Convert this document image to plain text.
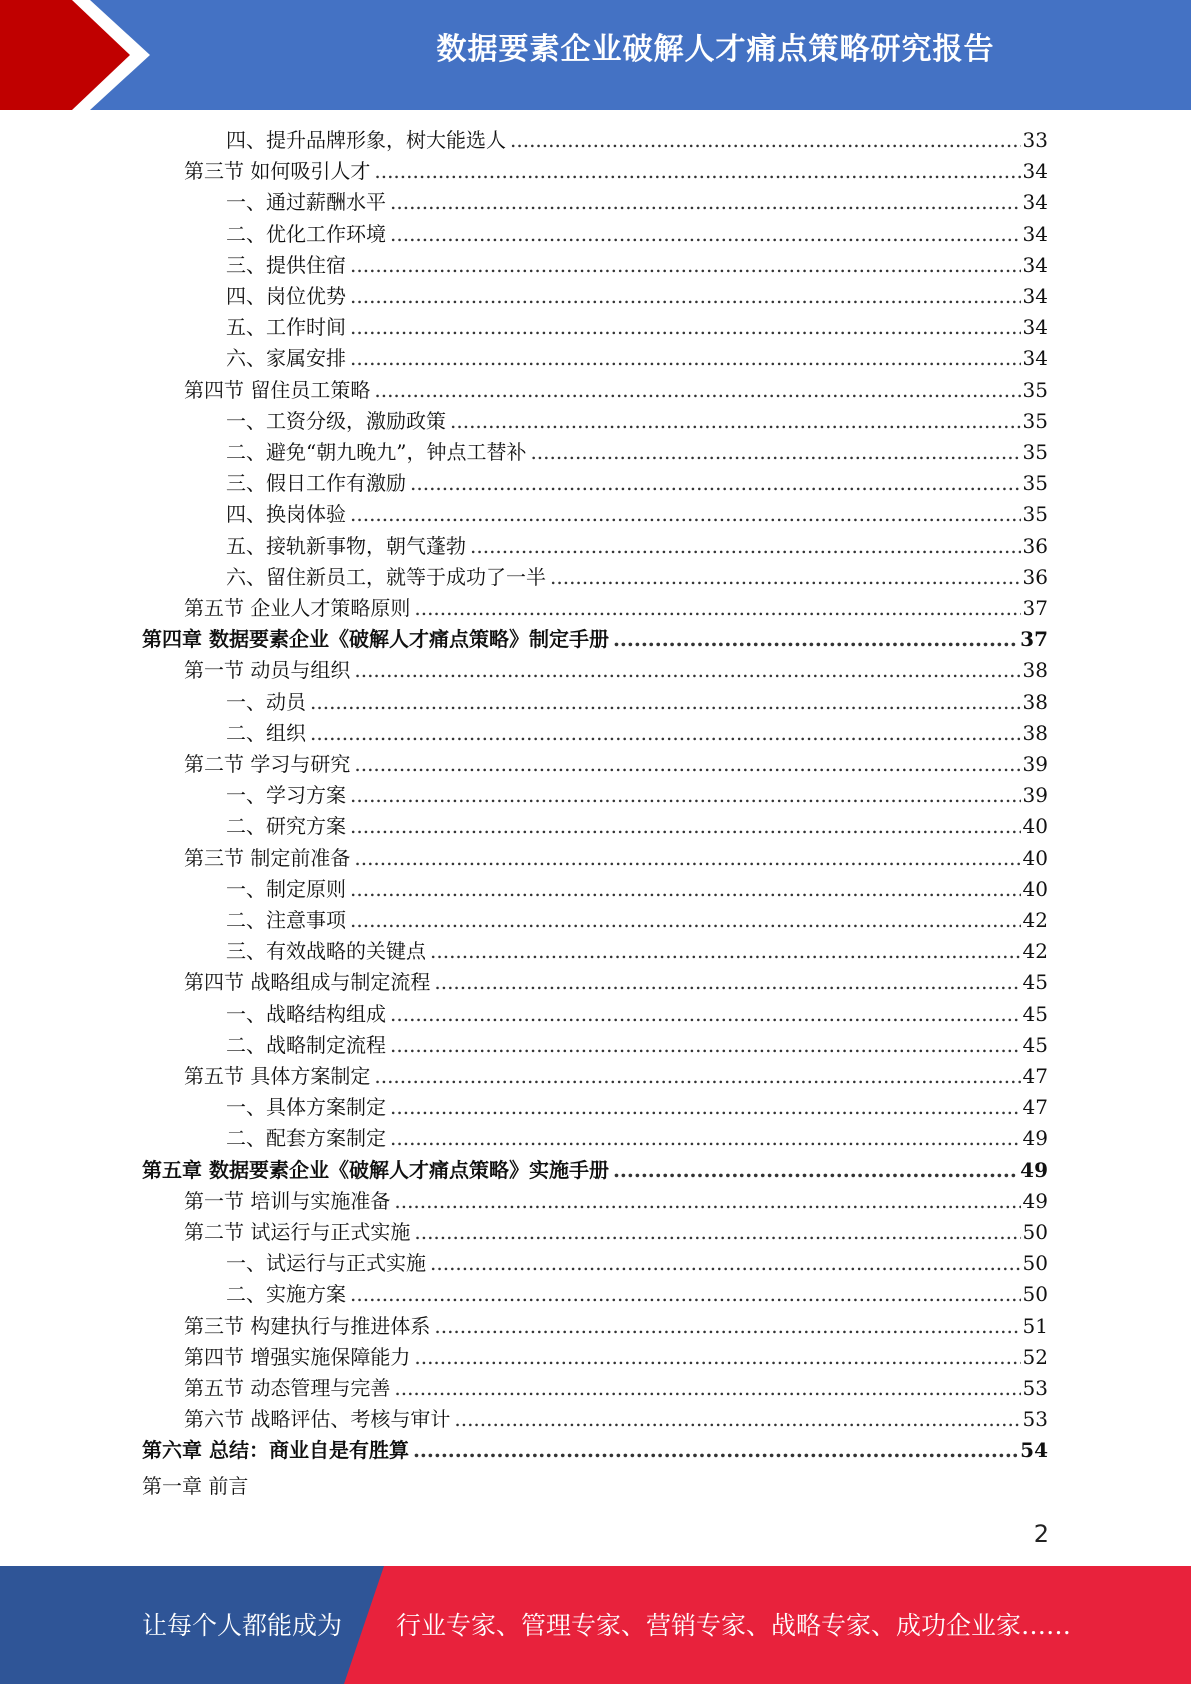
数据要素企业破解人才痛点策略研究报告
四、提升品牌形象，树大能选人 .....	33
第三节 如何吸引人才 .....	34
一、通过薪酬水平 .....	34
二、优化工作环境 .....	34
三、提供住宿 .....	34
四、岗位优势 .....	34
五、工作时间 .....	34
六、家属安排 .....	34
第四节 留住员工策略 .....	35
一、工资分级，激励政策 .....	35
二、避免“朝九晚九”，钟点工替补 .....	35
三、假日工作有激励 .....	35
四、换岗体验 .....	35
五、接轨新事物，朝气蓬勃 .....	36
六、留住新员工，就等于成功了一半 .....	36
第五节 企业人才策略原则 .....	37
第四章 数据要素企业《破解人才痛点策略》制定手册 .....	37
第一节 动员与组织 .....	38
一、动员 .....	38
二、组织 .....	38
第二节 学习与研究 .....	39
一、学习方案 .....	39
二、研究方案 .....	40
第三节 制定前准备 .....	40
一、制定原则 .....	40
二、注意事项 .....	42
三、有效战略的关键点 .....	42
第四节 战略组成与制定流程 .....	45
一、战略结构组成 .....	45
二、战略制定流程 .....	45
第五节 具体方案制定 .....	47
一、具体方案制定 .....	47
二、配套方案制定 .....	49
第五章 数据要素企业《破解人才痛点策略》实施手册 .....	49
第一节 培训与实施准备 .....	49
第二节 试运行与正式实施 .....	50
一、试运行与正式实施 .....	50
二、实施方案 .....	50
第三节 构建执行与推进体系 .....	51
第四节 增强实施保障能力 .....	52
第五节 动态管理与完善 .....	53
第六节 战略评估、考核与审计 .....	53
第六章 总结：商业自是有胜算 .....	54
第一章 前言
2
让每个人都能成为 行业专家、管理专家、营销专家、战略专家、成功企业家……
